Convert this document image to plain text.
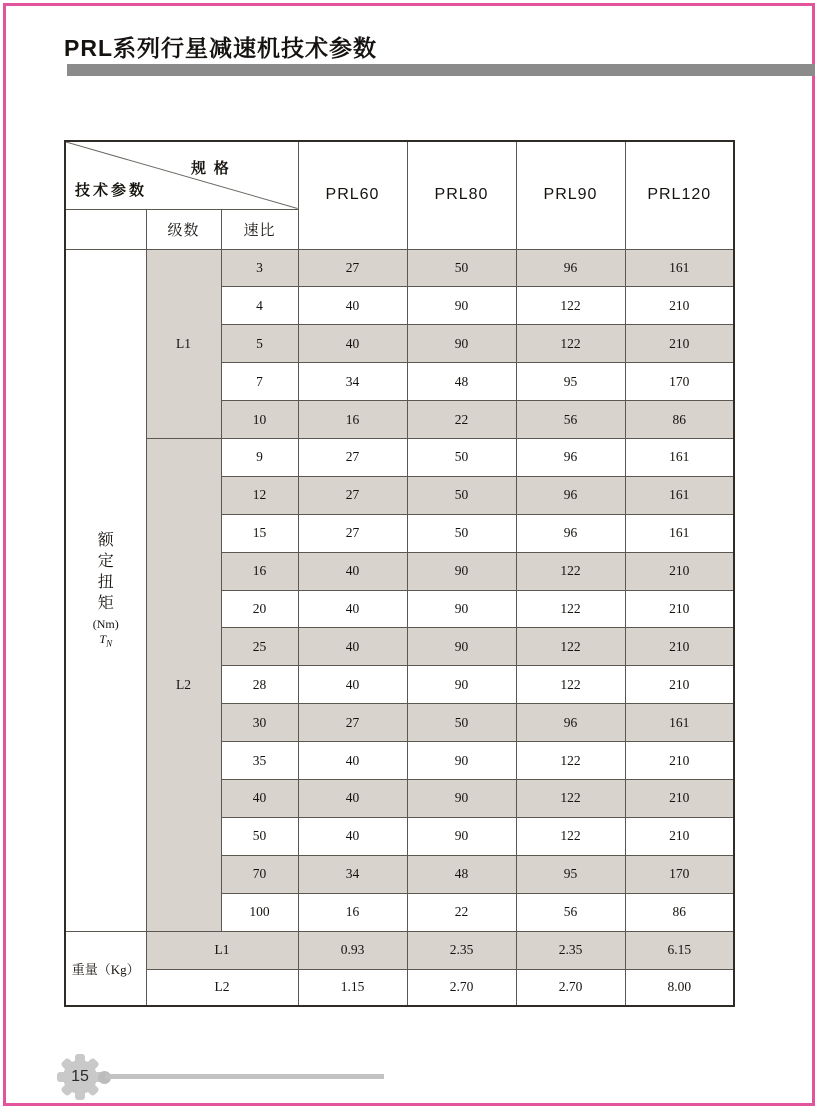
PRL系列行星减速机技术参数
规 格
技术参数			PRL60	PRL80	PRL90	PRL120
	级数	速比				

额
定
扭
矩
(Nm)
$T_N$
	L1	3	27	50	96	161
		4	40	90	122	210
		5	40	90	122	210
		7	34	48	95	170
		10	16	22	56	86
	L2	9	27	50	96	161
		12	27	50	96	161
		15	27	50	96	161
		16	40	90	122	210
		20	40	90	122	210
		25	40	90	122	210
		28	40	90	122	210
		30	27	50	96	161
		35	40	90	122	210
		40	40	90	122	210
		50	40	90	122	210
		70	34	48	95	170
		100	16	22	56	86
重量（Kg）	L1		0.93	2.35	2.35	6.15
	L2		1.15	2.70	2.70	8.00
15
